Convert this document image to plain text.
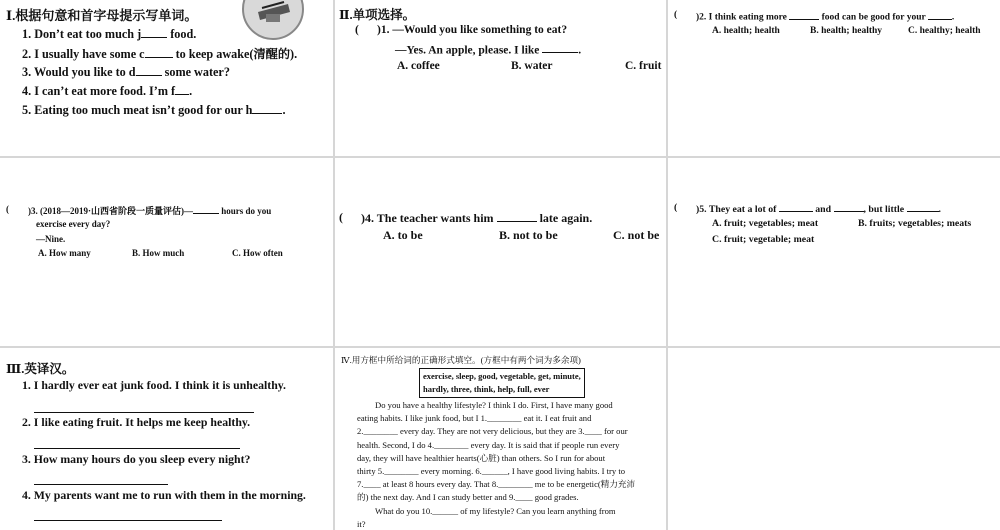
Ⅰ.根据句意和首字母提示写单词。
1. Don’t eat too much j food.
2. I usually have some c	to keep awake(清醒的).
3. Would you like to d some water?
4. I can’t eat more food. I’m f .
5. Eating too much meat isn’t good for our h .
Ⅱ.单项选择。
( )1. —Would you like something to eat?
—Yes. An apple, please. I like	.
A. coffee	B. water	C. fruit
( )2. I think eating more	food can be good for your	.
A. health; health	B. health; healthy	C. healthy; health
( )3. (2018—2019·山西省阶段一质量评估)—	hours do you
exercise every day?
—Nine.
A. How many	B. How much	C. How often
( )4. The teacher wants him	late again.
A. to be	B. not to be	C. not be
( )5. They eat a lot of	and	, but little	.
A. fruit; vegetables; meat	B. fruits; vegetables; meats
C. fruit; vegetable; meat
Ⅲ.英译汉。
1. I hardly ever eat junk food. I think it is unhealthy.
2. I like eating fruit. It helps me keep healthy.
3. How many hours do you sleep every night?
4. My parents want me to run with them in the morning.
Ⅳ.用方框中所给词的正确形式填空。(方框中有两个词为多余项)
exercise, sleep, good, vegetable, get, minute,
hardly, three, think, help, full, ever
Do you have a healthy lifestyle? I think I do. First, I have many good
eating habits. I like junk food, but I 1.________ eat it. I eat fruit and
2.________ every day. They are not very delicious, but they are 3.____ for our
health. Second, I do 4.________ every day. It is said that if people run every
day, they will have healthier hearts(心脏) than others. So I run for about
thirty 5.________ every morning. 6.______, I have good living habits. I try to
7.____ at least 8 hours every day. That 8.________ me to be energetic(精力充沛
的) the next day. And I can study better and 9.____ good grades.
What do you 10.______ of my lifestyle? Can you learn anything from
it?
